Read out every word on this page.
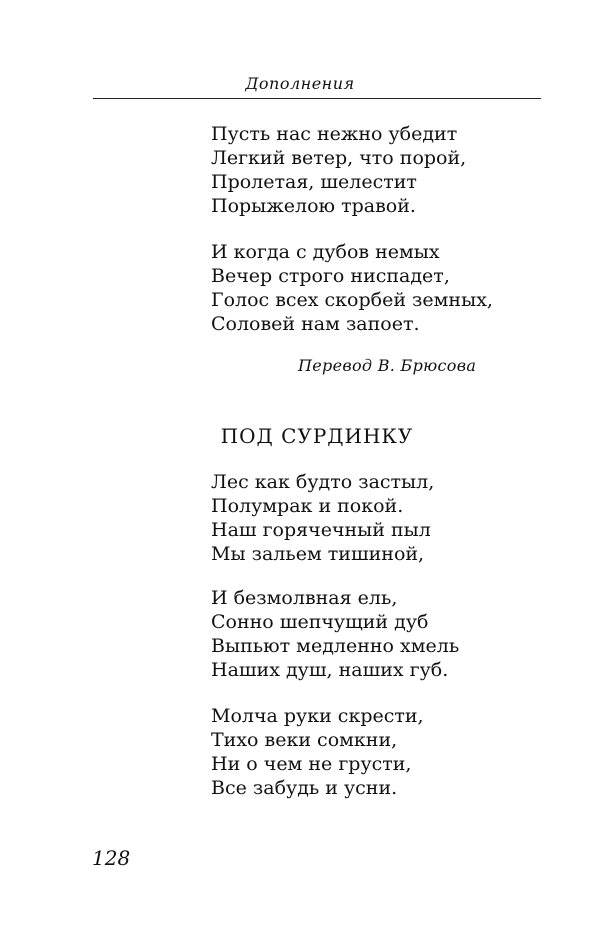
Дополнения
Пусть нас нежно убедит
Легкий ветер, что порой,
Пролетая, шелестит
Порыжелою травой.
И когда с дубов немых
Вечер строго ниспадет,
Голос всех скорбей земных,
Соловей нам запоет.
Перевод В. Брюсова
ПОД СУРДИНКУ
Лес как будто застыл,
Полумрак и покой.
Наш горячечный пыл
Мы зальем тишиной,
И безмолвная ель,
Сонно шепчущий дуб
Выпьют медленно хмель
Наших душ, наших губ.
Молча руки скрести,
Тихо веки сомкни,
Ни о чем не грусти,
Все забудь и усни.
128
